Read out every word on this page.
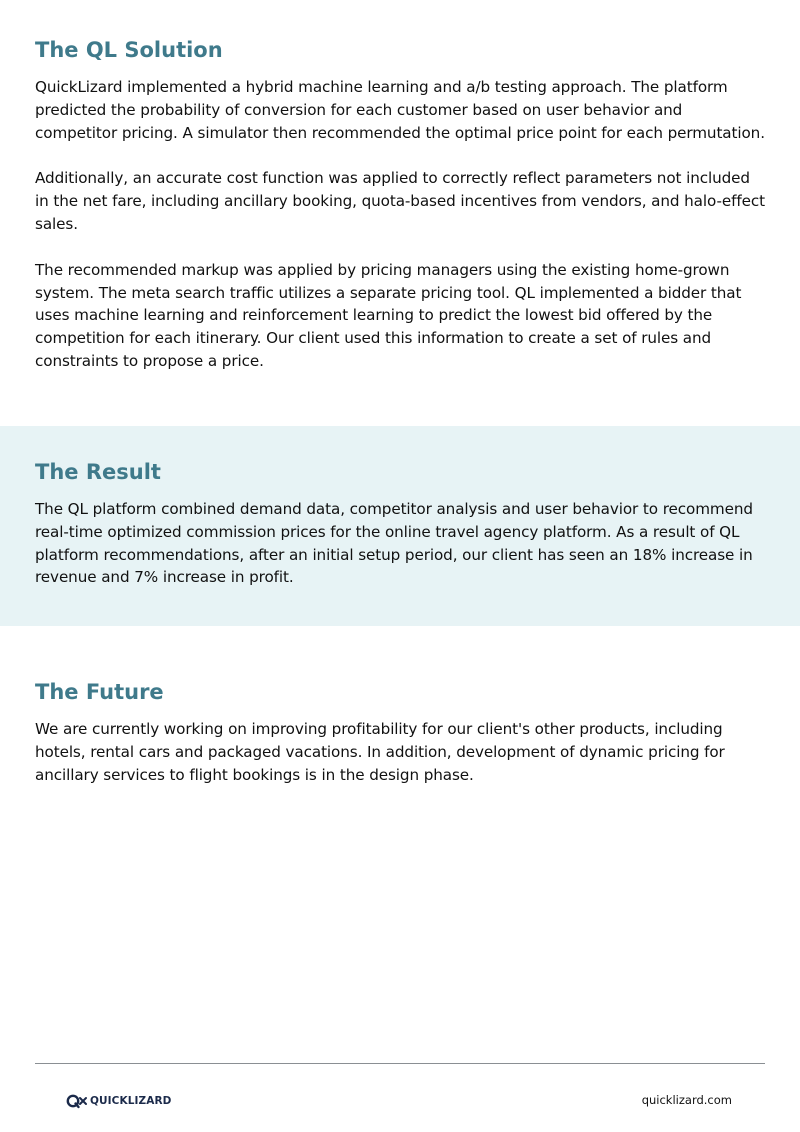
The QL Solution

QuickLizard implemented a hybrid machine learning and a/b testing approach. The platform predicted the probability of conversion for each customer based on user behavior and competitor pricing. A simulator then recommended the optimal price point for each permutation.

Additionally, an accurate cost function was applied to correctly reflect parameters not included in the net fare, including ancillary booking, quota-based incentives from vendors, and halo-effect sales.

The recommended markup was applied by pricing managers using the existing home-grown system. The meta search traffic utilizes a separate pricing tool. QL implemented a bidder that uses machine learning and reinforcement learning to predict the lowest bid offered by the competition for each itinerary. Our client used this information to create a set of rules and constraints to propose a price.

The Result

The QL platform combined demand data, competitor analysis and user behavior to recommend real-time optimized commission prices for the online travel agency platform. As a result of QL platform recommendations, after an initial setup period, our client has seen an 18% increase in revenue and 7% increase in profit.

The Future

We are currently working on improving profitability for our client's other products, including hotels, rental cars and packaged vacations. In addition, development of dynamic pricing for ancillary services to flight bookings is in the design phase.

QUICKLIZARD	quicklizard.com
